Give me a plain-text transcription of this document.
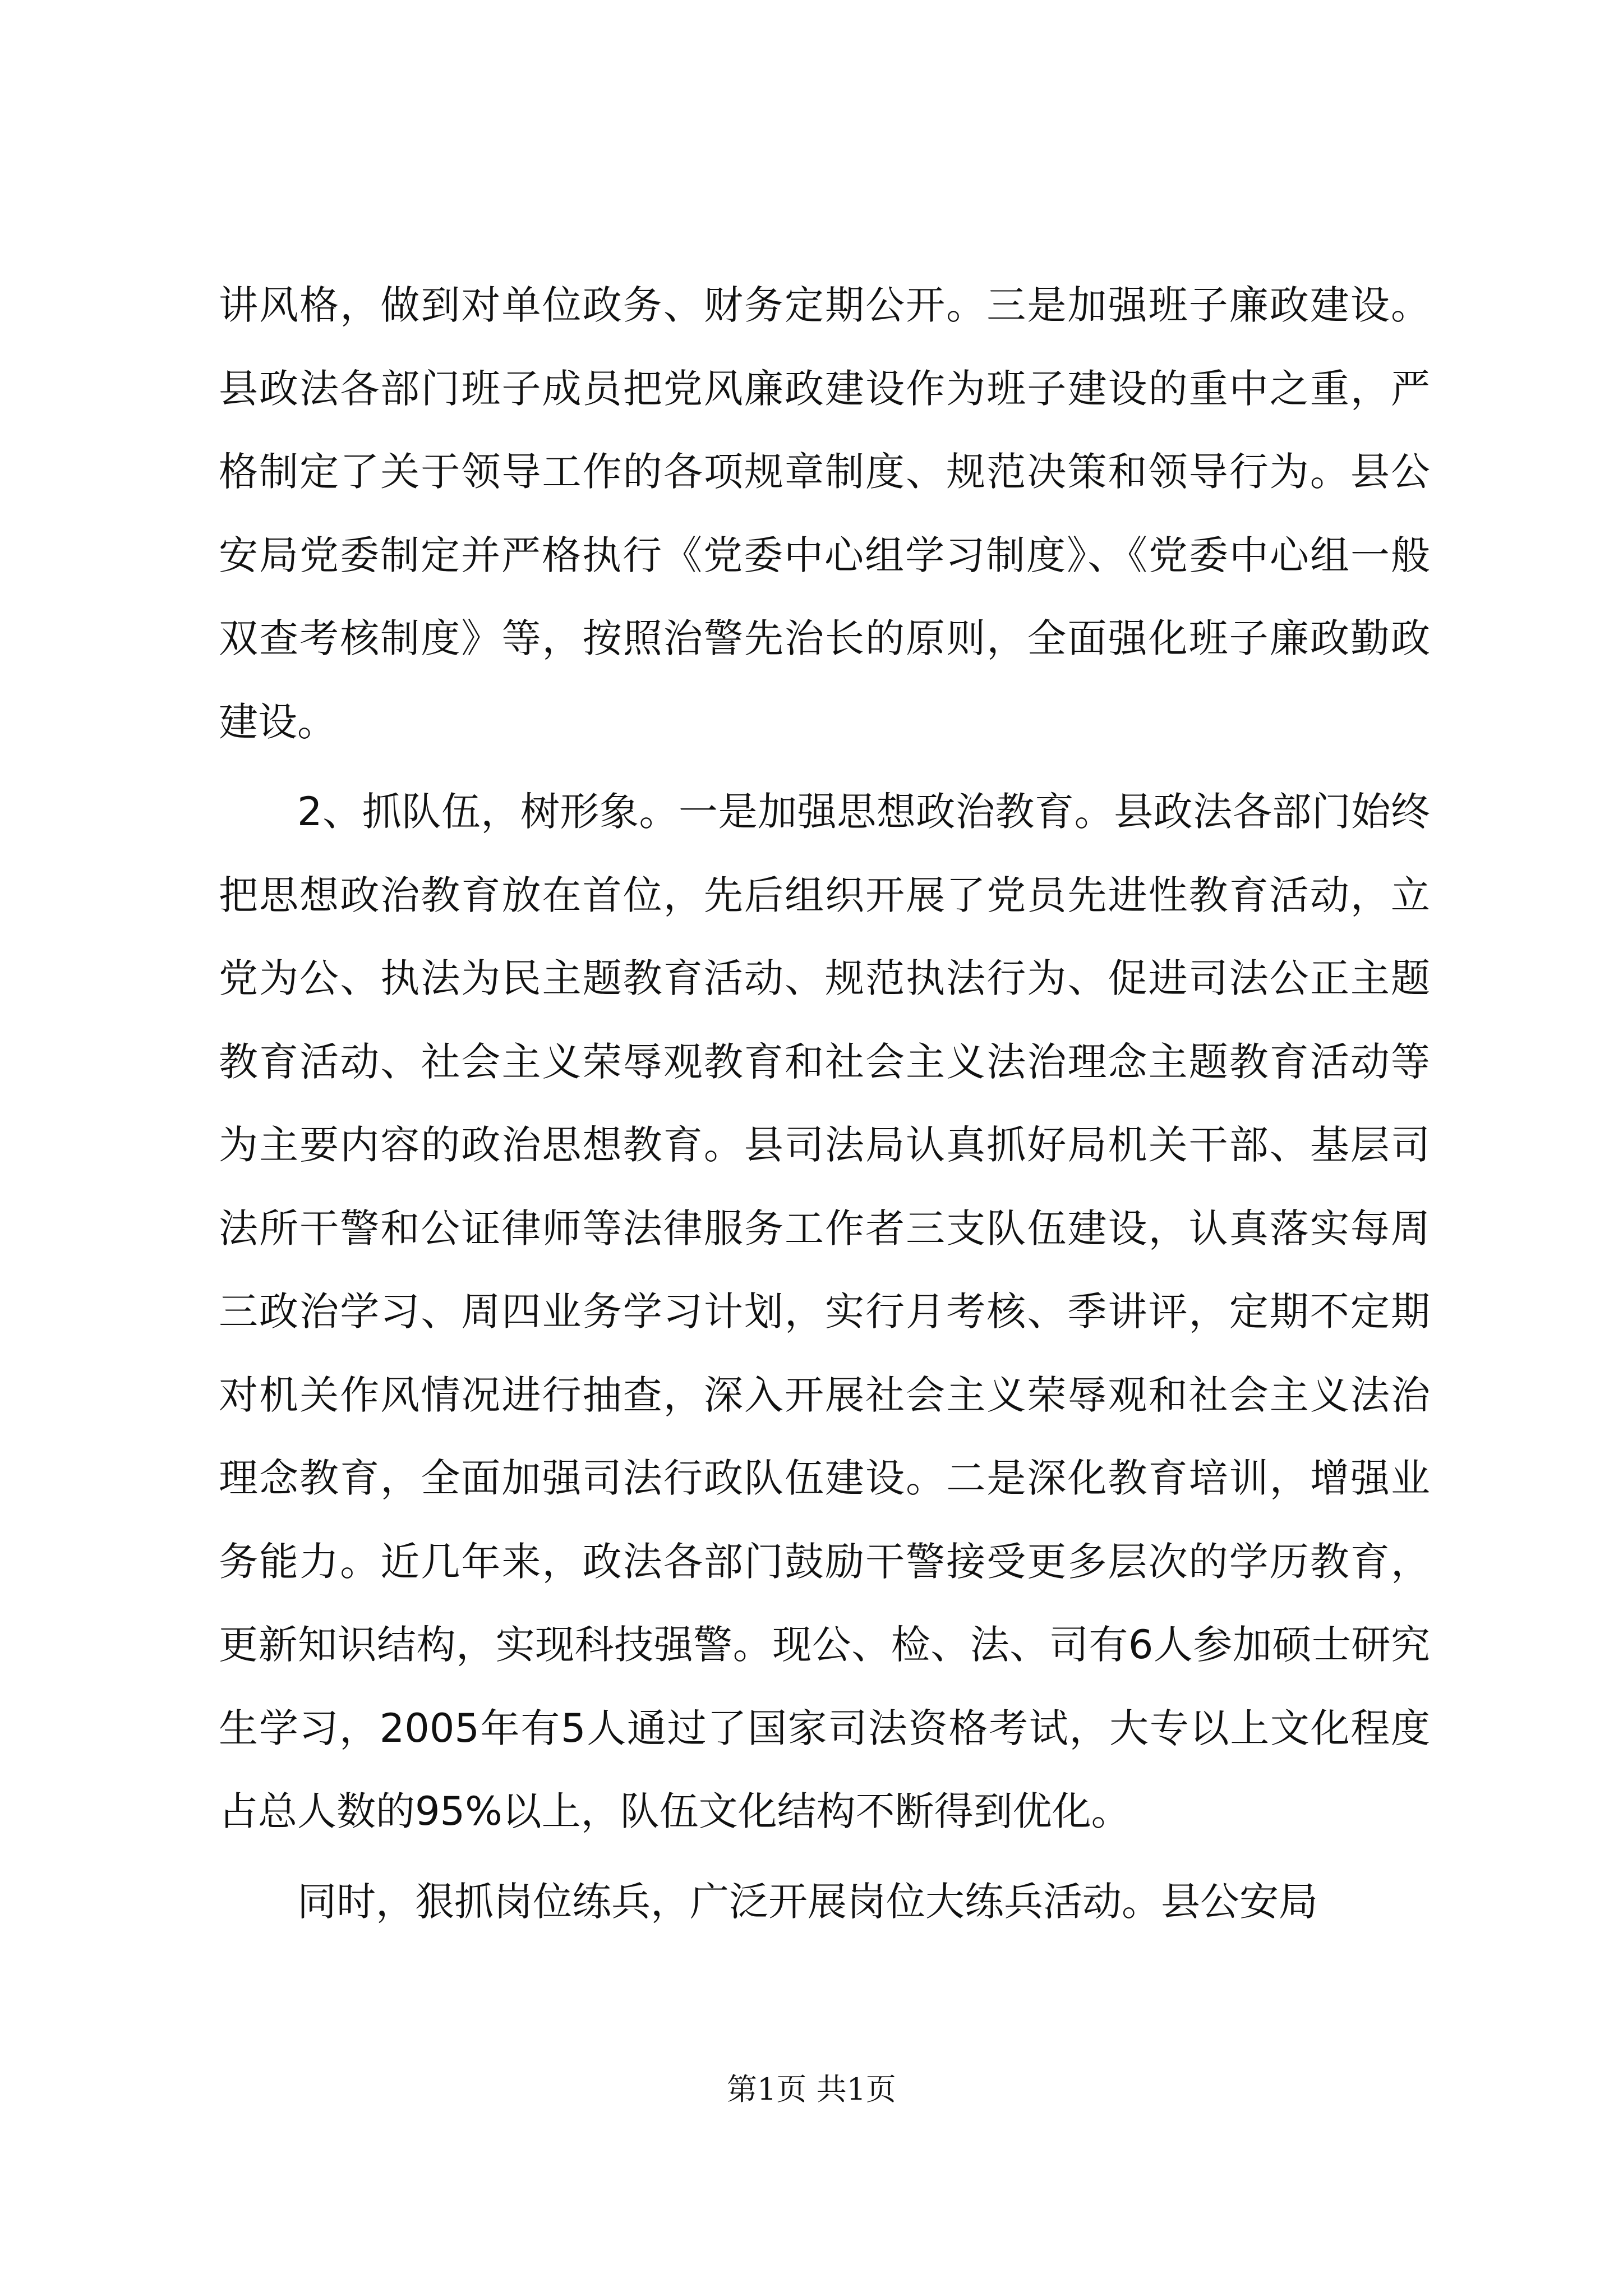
讲风格，做到对单位政务、财务定期公开。三是加强班子廉政建设。县政法各部门班子成员把党风廉政建设作为班子建设的重中之重，严格制定了关于领导工作的各项规章制度、规范决策和领导行为。县公安局党委制定并严格执行《党委中心组学习制度》、《党委中心组一般双查考核制度》等，按照治警先治长的原则，全面强化班子廉政勤政建设。

2、抓队伍，树形象。一是加强思想政治教育。县政法各部门始终把思想政治教育放在首位，先后组织开展了党员先进性教育活动，立党为公、执法为民主题教育活动、规范执法行为、促进司法公正主题教育活动、社会主义荣辱观教育和社会主义法治理念主题教育活动等为主要内容的政治思想教育。县司法局认真抓好局机关干部、基层司法所干警和公证律师等法律服务工作者三支队伍建设，认真落实每周三政治学习、周四业务学习计划，实行月考核、季讲评，定期不定期对机关作风情况进行抽查，深入开展社会主义荣辱观和社会主义法治理念教育，全面加强司法行政队伍建设。二是深化教育培训，增强业务能力。近几年来，政法各部门鼓励干警接受更多层次的学历教育，更新知识结构，实现科技强警。现公、检、法、司有6人参加硕士研究生学习，2005年有5人通过了国家司法资格考试，大专以上文化程度占总人数的95%以上，队伍文化结构不断得到优化。

同时，狠抓岗位练兵，广泛开展岗位大练兵活动。县公安局

第1页 共1页
